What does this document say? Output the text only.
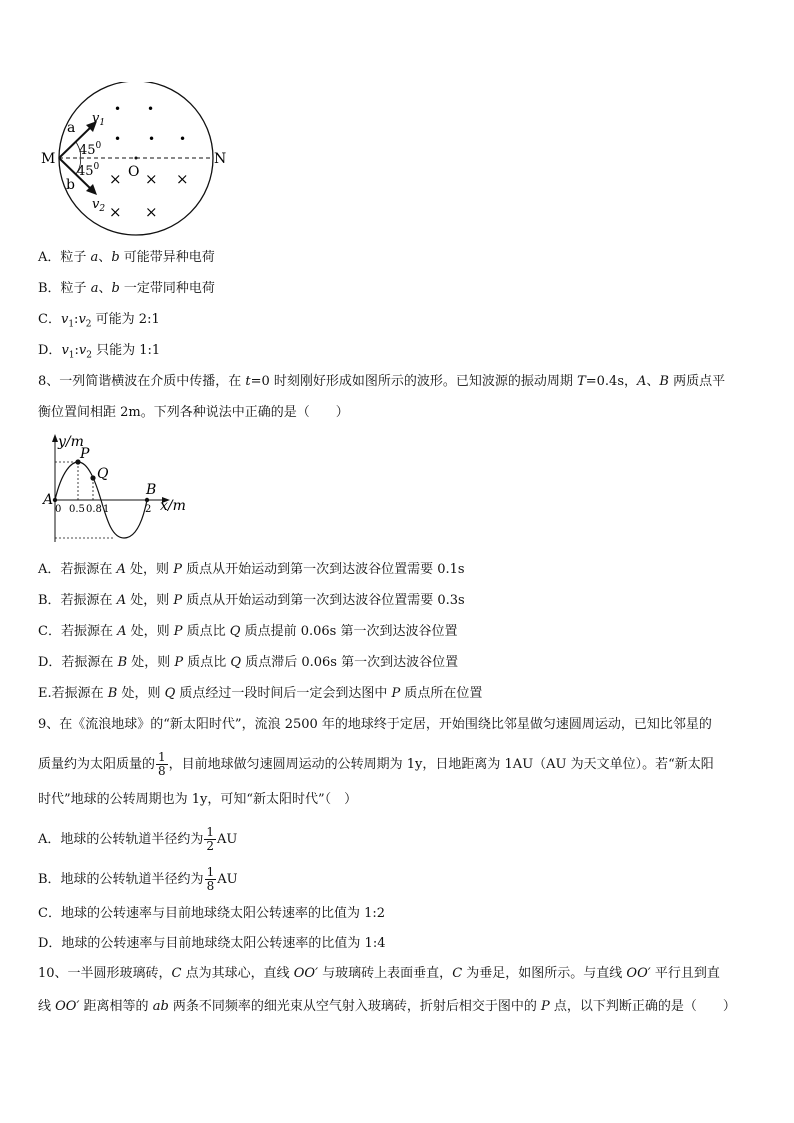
M	N
O
a
b
$v_1$
$v_2$
$45^0$
$45^0$
• •
• • •
× × ×
× ×
A．粒子 a、b 可能带异种电荷
B．粒子 a、b 一定带同种电荷
C．$v_1:v_2$ 可能为 2:1
D．$v_1:v_2$ 只能为 1:1
8、一列简谐横波在介质中传播，在 t=0 时刻刚好形成如图所示的波形。已知波源的振动周期 T=0.4s，A、B 两质点平
衡位置间相距 2m。下列各种说法中正确的是（　　）
y/m
x/m
P
Q
A
B
0 0.5 0.8 1	2
A．若振源在 A 处，则 P 质点从开始运动到第一次到达波谷位置需要 0.1s
B．若振源在 A 处，则 P 质点从开始运动到第一次到达波谷位置需要 0.3s
C．若振源在 A 处，则 P 质点比 Q 质点提前 0.06s 第一次到达波谷位置
D．若振源在 B 处，则 P 质点比 Q 质点滞后 0.06s 第一次到达波谷位置
E.若振源在 B 处，则 Q 质点经过一段时间后一定会到达图中 P 质点所在位置
9、在《流浪地球》的“新太阳时代”，流浪 2500 年的地球终于定居，开始围绕比邻星做匀速圆周运动，已知比邻星的
质量约为太阳质量的 $\frac{1}{8}$ ，目前地球做匀速圆周运动的公转周期为 1y，日地距离为 1AU（AU 为天文单位）。若“新太阳
时代”地球的公转周期也为 1y，可知“新太阳时代”（　）
A．地球的公转轨道半径约为 $\frac{1}{2}$ AU
B．地球的公转轨道半径约为 $\frac{1}{8}$ AU
C．地球的公转速率与目前地球绕太阳公转速率的比值为 1:2
D．地球的公转速率与目前地球绕太阳公转速率的比值为 1:4
10、一半圆形玻璃砖，C 点为其球心，直线 OO′ 与玻璃砖上表面垂直，C 为垂足，如图所示。与直线 OO′ 平行且到直
线 OO′ 距离相等的 ab 两条不同频率的细光束从空气射入玻璃砖，折射后相交于图中的 P 点，以下判断正确的是（　　）
